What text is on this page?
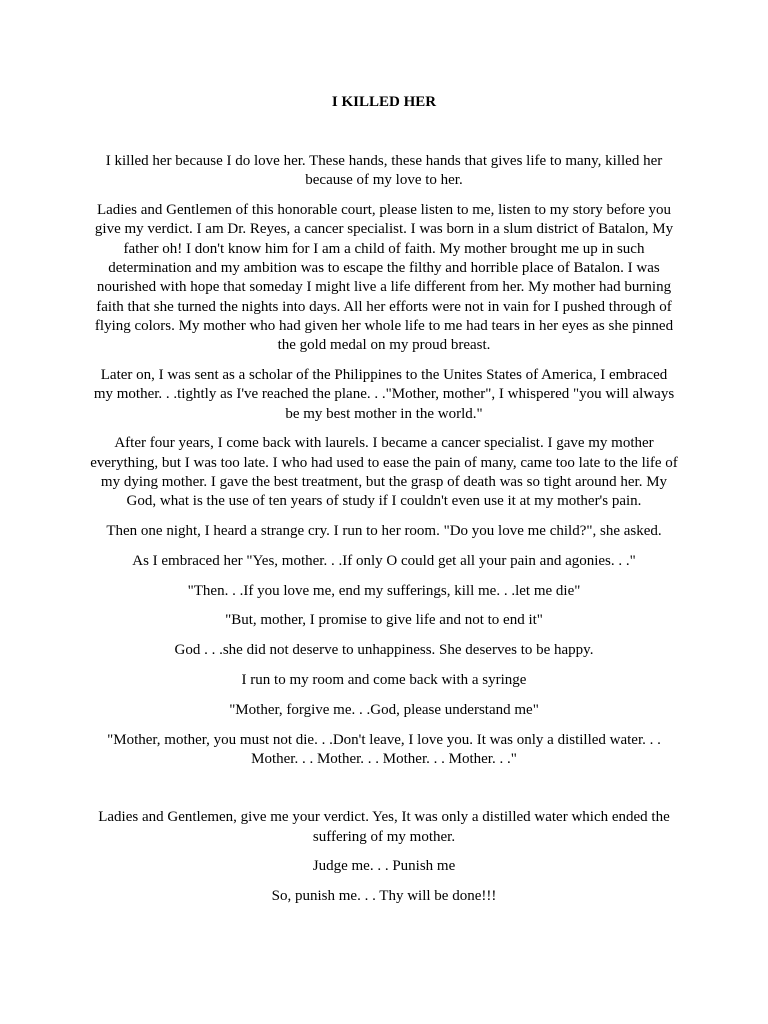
I KILLED HER

I killed her because I do love her. These hands, these hands that gives life to many, killed her because of my love to her.

Ladies and Gentlemen of this honorable court, please listen to me, listen to my story before you give my verdict. I am Dr. Reyes, a cancer specialist. I was born in a slum district of Batalon, My father oh! I don't know him for I am a child of faith. My mother brought me up in such determination and my ambition was to escape the filthy and horrible place of Batalon. I was nourished with hope that someday I might live a life different from her. My mother had burning faith that she turned the nights into days. All her efforts were not in vain for I pushed through of flying colors. My mother who had given her whole life to me had tears in her eyes as she pinned the gold medal on my proud breast.

Later on, I was sent as a scholar of the Philippines to the Unites States of America, I embraced my mother. . .tightly as I've reached the plane. . ."Mother, mother", I whispered "you will always be my best mother in the world."

After four years, I come back with laurels. I became a cancer specialist. I gave my mother everything, but I was too late. I who had used to ease the pain of many, came too late to the life of my dying mother. I gave the best treatment, but the grasp of death was so tight around her. My God, what is the use of ten years of study if I couldn't even use it at my mother's pain.

Then one night, I heard a strange cry. I run to her room. "Do you love me child?", she asked.

As I embraced her "Yes, mother. . .If only O could get all your pain and agonies. . ."

"Then. . .If you love me, end my sufferings, kill me. . .let me die"

"But, mother, I promise to give life and not to end it"

God . . .she did not deserve to unhappiness. She deserves to be happy.

I run to my room and come back with a syringe

"Mother, forgive me. . .God, please understand me"

"Mother, mother, you must not die. . .Don't leave, I love you. It was only a distilled water. . . Mother. . . Mother. . . Mother. . . Mother. . ."

Ladies and Gentlemen, give me your verdict. Yes, It was only a distilled water which ended the suffering of my mother.

Judge me. . . Punish me

So, punish me. . . Thy will be done!!!
